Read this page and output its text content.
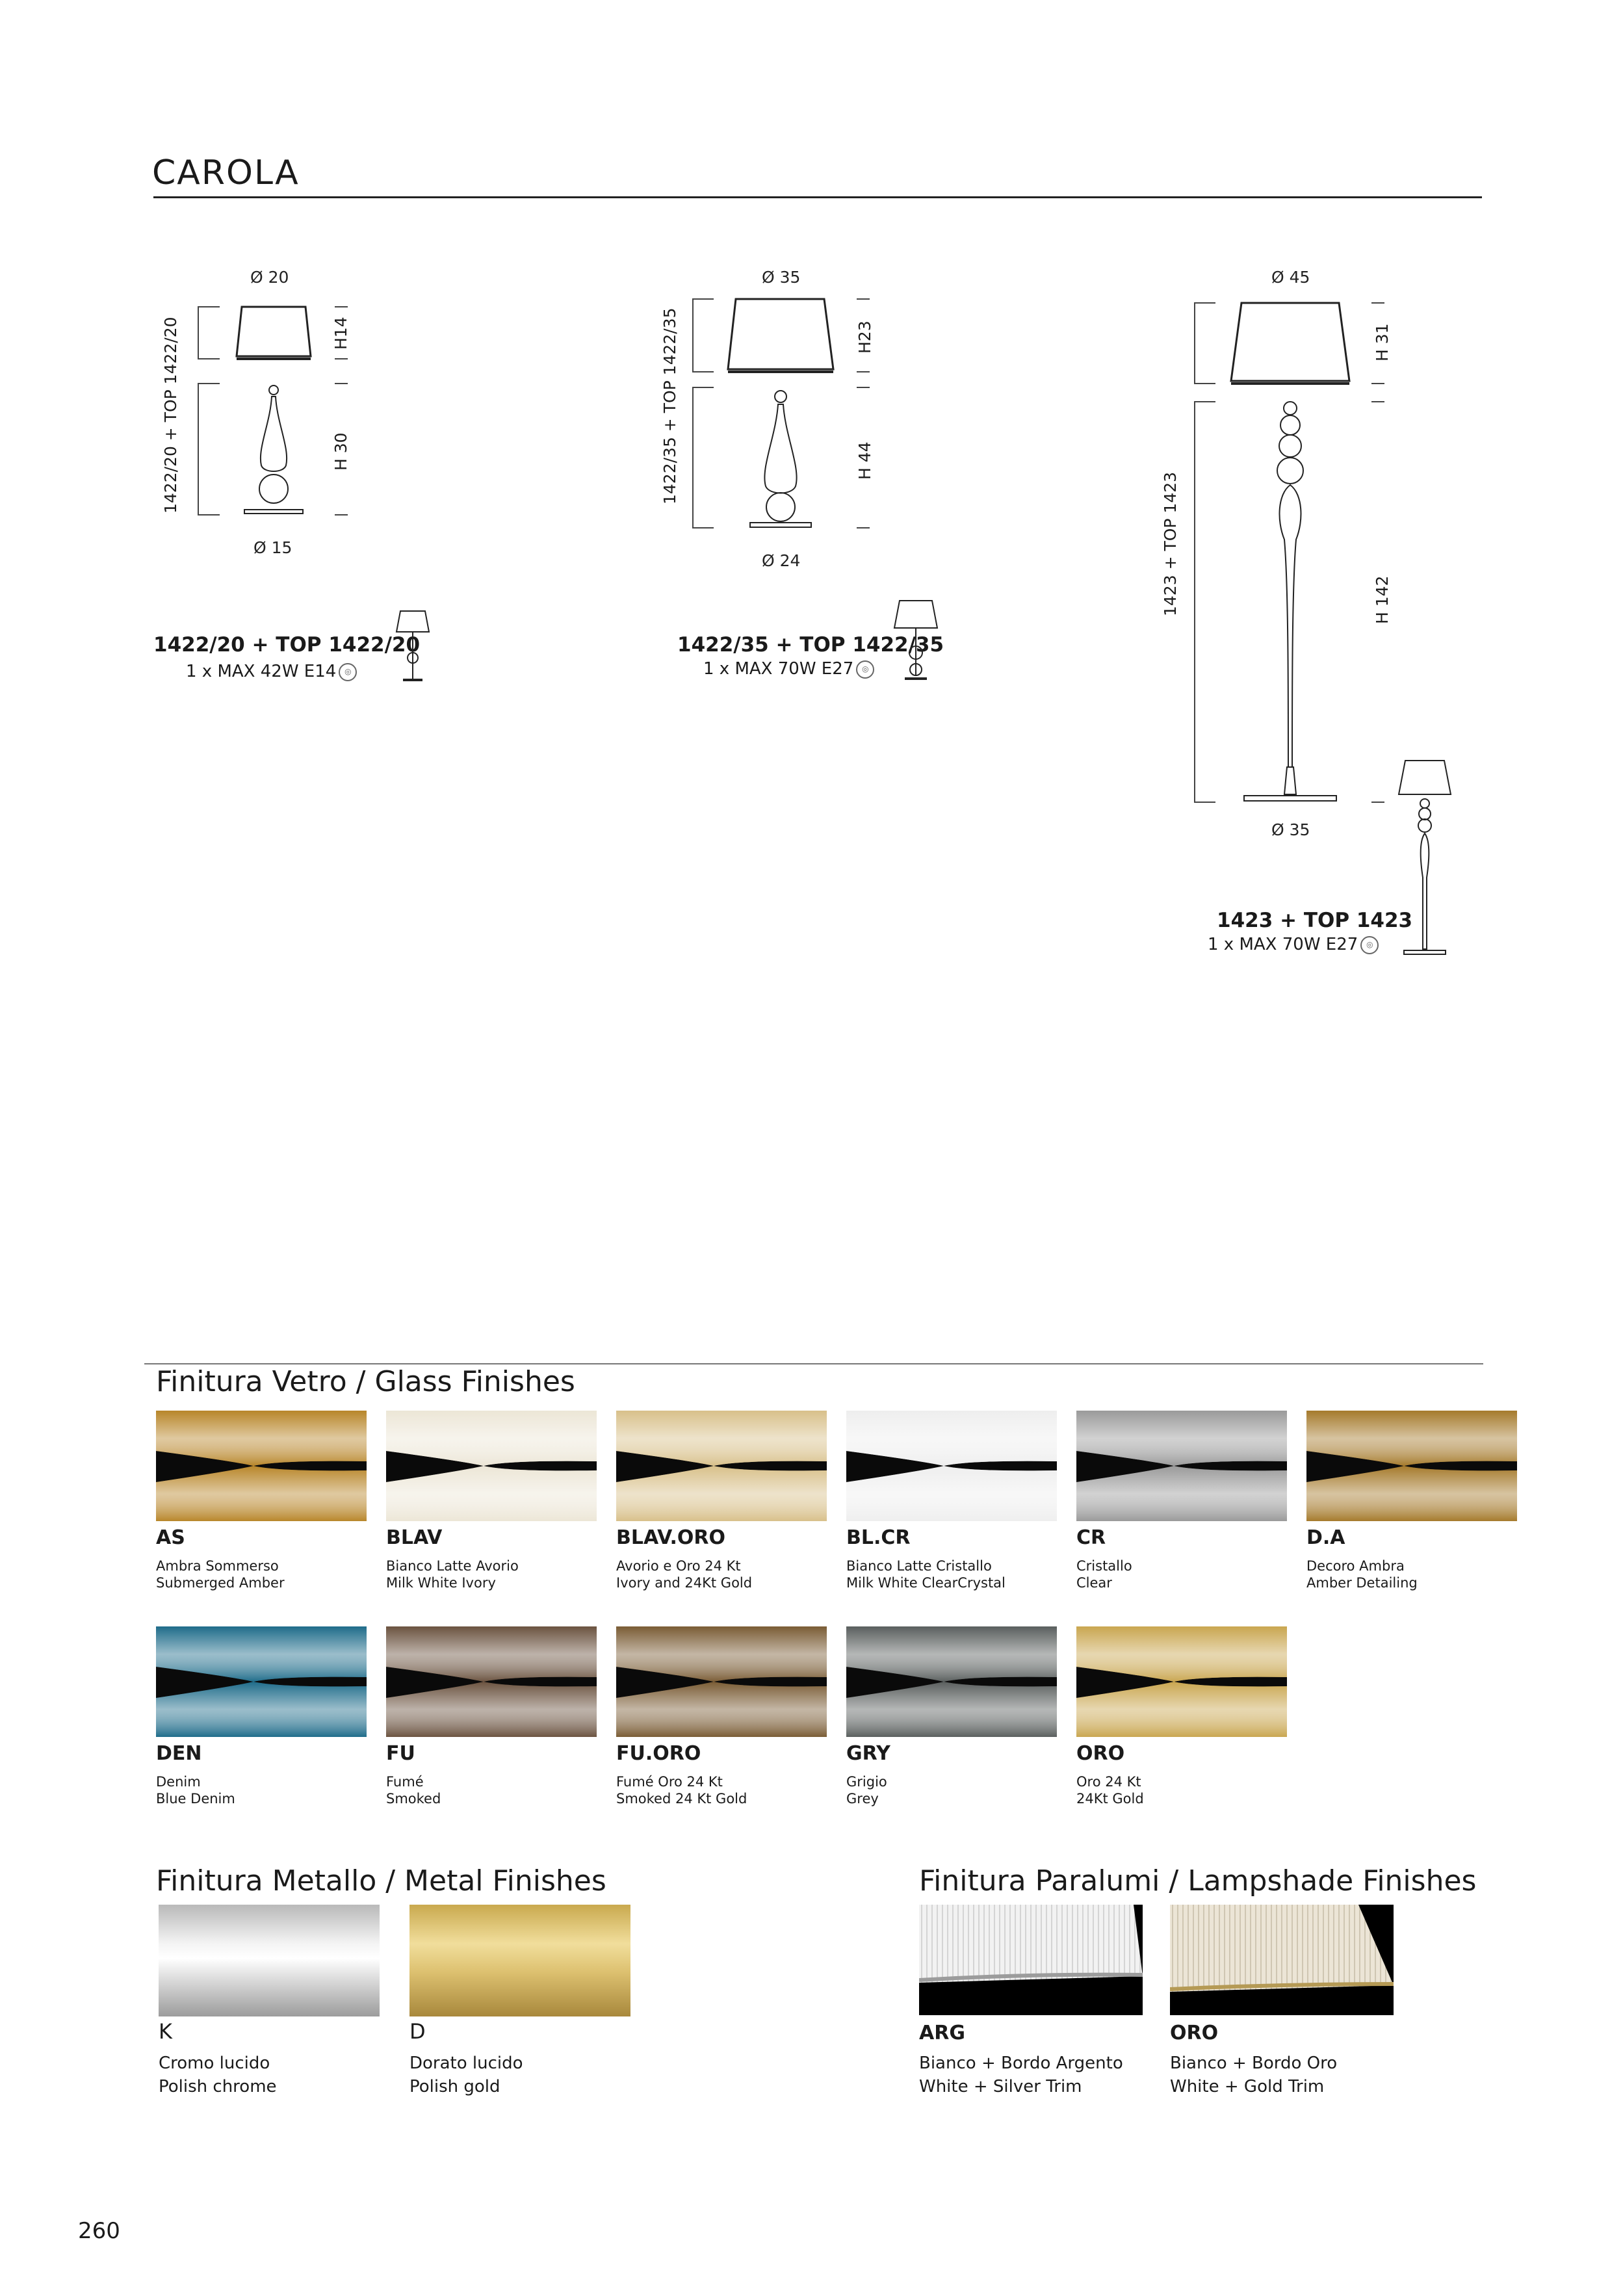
CAROLA
Ø 20
Ø 15
1422/20 + TOP 1422/20	H14
H 30
1422/20 + TOP 1422/20
1 x MAX 42W E14 ◎
Ø 35
Ø 24
1422/35 + TOP 1422/35	H23
H 44
1422/35 + TOP 1422/35
1 x MAX 70W E27 ◎
Ø 45
Ø 35
1423 + TOP 1423
H 31
H 142
1423 + TOP 1423
1 x MAX 70W E27 ◎
Finitura Vetro / Glass Finishes
AS
Ambra Sommerso
Submerged Amber
BLAV
Bianco Latte Avorio
Milk White Ivory
BLAV.ORO
Avorio e Oro 24 Kt
Ivory and 24Kt Gold
BL.CR
Bianco Latte Cristallo
Milk White ClearCrystal
CR
Cristallo
Clear
D.A
Decoro Ambra
Amber Detailing
DEN
Denim
Blue Denim
FU
Fumé
Smoked
FU.ORO
Fumé Oro 24 Kt
Smoked 24 Kt Gold
GRY
Grigio
Grey
ORO
Oro 24 Kt
24Kt Gold
Finitura Metallo / Metal Finishes
K
Cromo lucido
Polish chrome
D
Dorato lucido
Polish gold
Finitura Paralumi / Lampshade Finishes
ARG
Bianco + Bordo Argento
White + Silver Trim
ORO
Bianco + Bordo Oro
White + Gold Trim
260
